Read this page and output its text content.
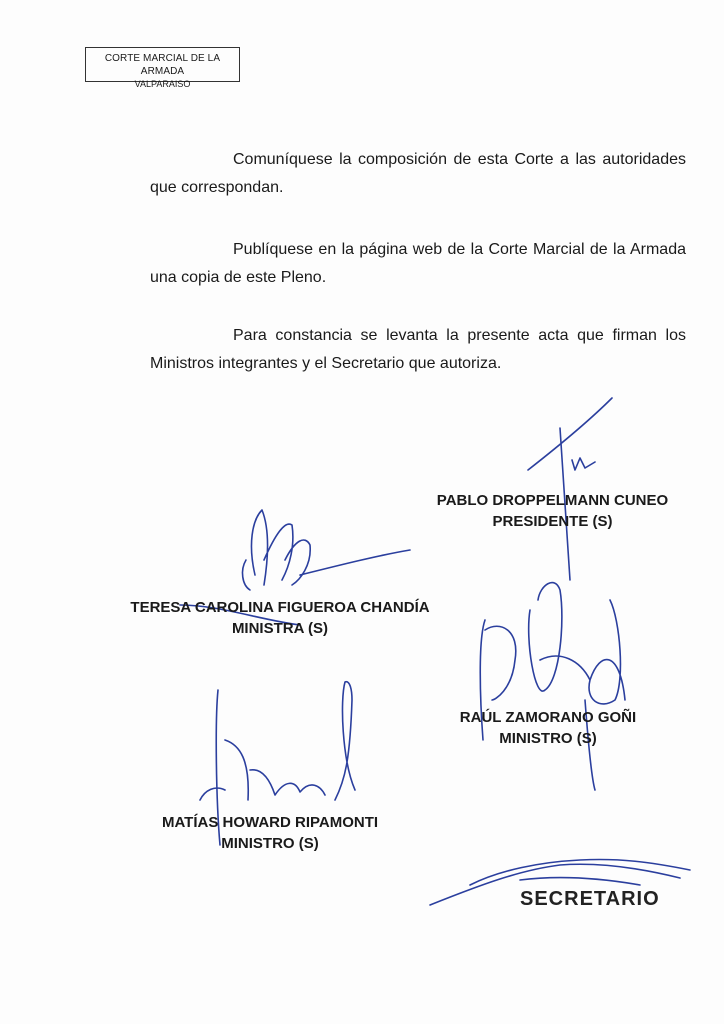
CORTE MARCIAL DE LA ARMADA
VALPARAISO
Comuníquese la composición de esta Corte a las autoridades que correspondan.
Publíquese en la página web de la Corte Marcial de la Armada una copia de este Pleno.
Para constancia se levanta la presente acta que firman los Ministros integrantes y el Secretario que autoriza.
PABLO DROPPELMANN CUNEO
PRESIDENTE (S)
TERESA CAROLINA FIGUEROA CHANDÍA
MINISTRA (S)
RAÚL ZAMORANO GOÑI
MINISTRO (S)
MATÍAS HOWARD RIPAMONTI
MINISTRO (S)
SECRETARIO
